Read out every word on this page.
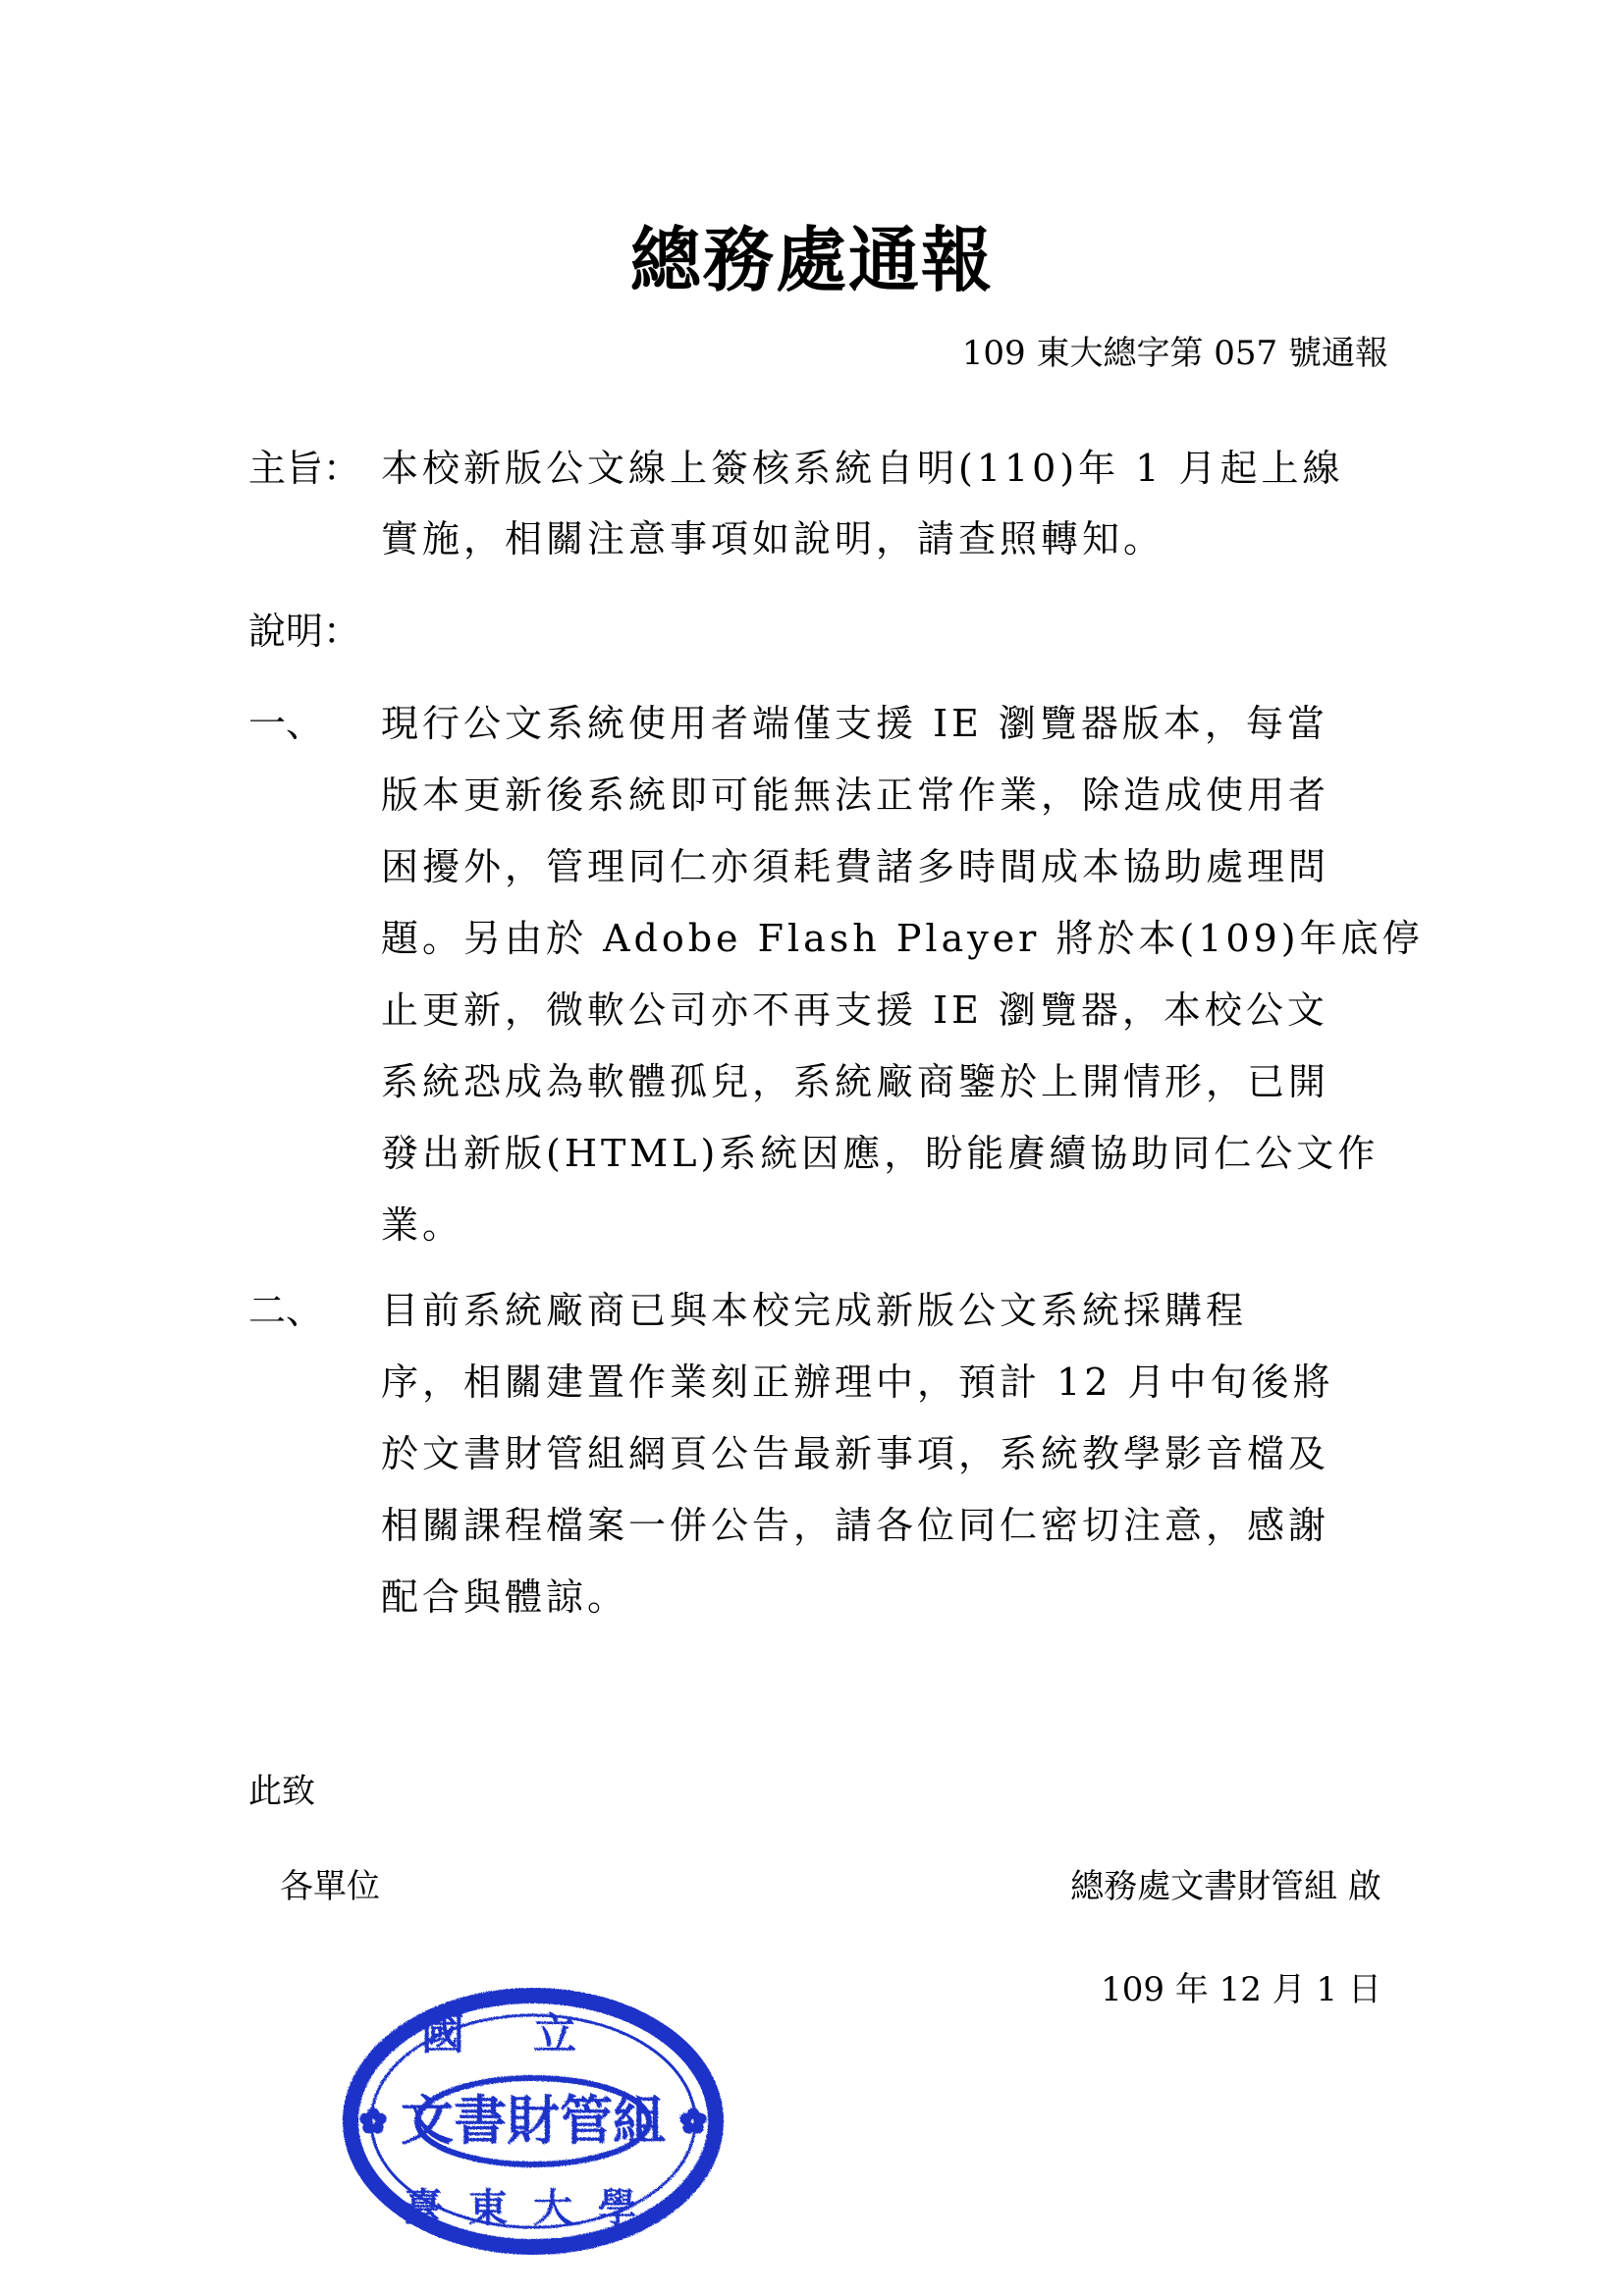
總務處通報
109 東大總字第 057 號通報
主旨： 本校新版公文線上簽核系統自明(110)年 1 月起上線
實施，相關注意事項如說明，請查照轉知。
說明：
一、 現行公文系統使用者端僅支援 IE 瀏覽器版本，每當
版本更新後系統即可能無法正常作業，除造成使用者
困擾外，管理同仁亦須耗費諸多時間成本協助處理問
題。另由於 Adobe Flash Player 將於本(109)年底停
止更新，微軟公司亦不再支援 IE 瀏覽器，本校公文
系統恐成為軟體孤兒，系統廠商鑒於上開情形，已開
發出新版(HTML)系統因應，盼能賡續協助同仁公文作
業。
二、 目前系統廠商已與本校完成新版公文系統採購程
序，相關建置作業刻正辦理中，預計 12 月中旬後將
於文書財管組網頁公告最新事項，系統教學影音檔及
相關課程檔案一併公告，請各位同仁密切注意，感謝
配合與體諒。
此致
各單位	總務處文書財管組 啟
109 年 12 月 1 日
國立
文書財管組
臺東大學
